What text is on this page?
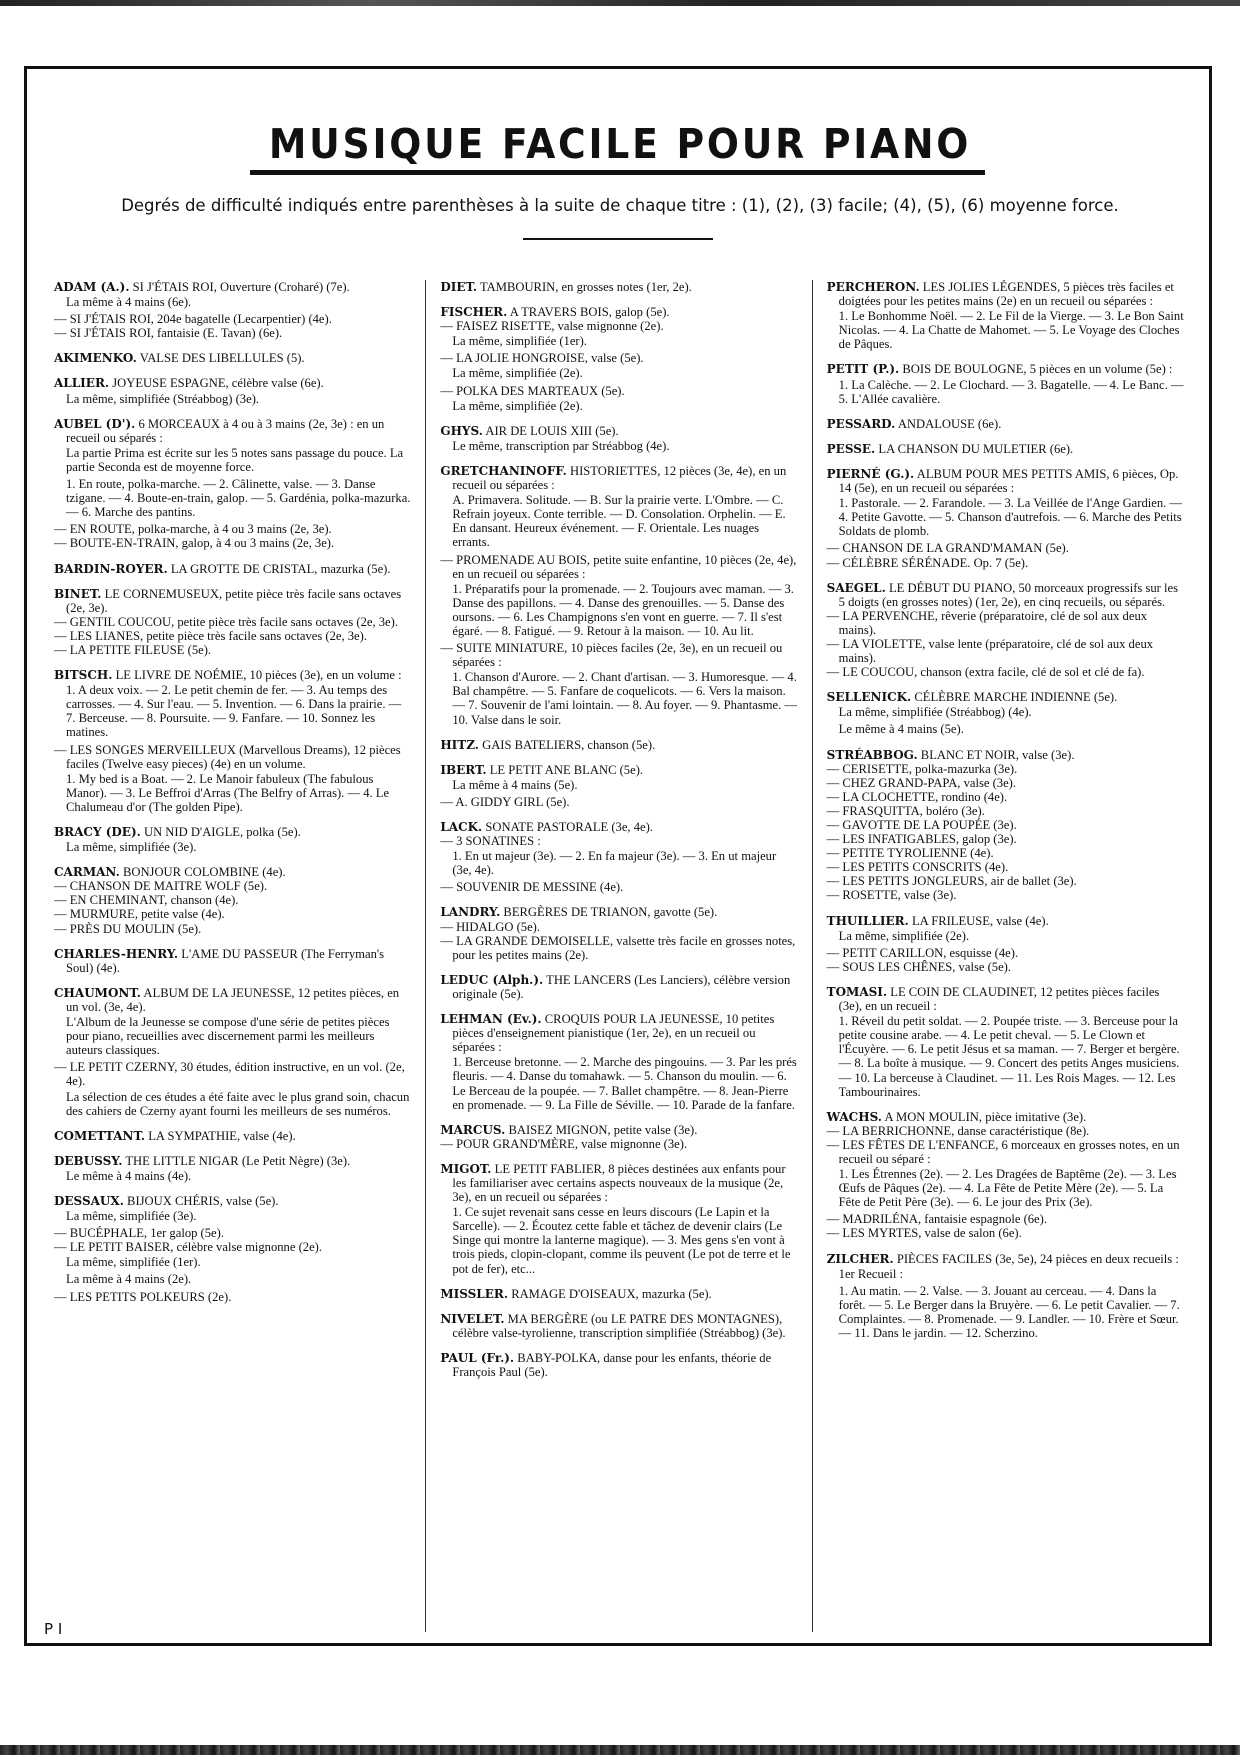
MUSIQUE FACILE POUR PIANO
Degrés de difficulté indiqués entre parenthèses à la suite de chaque titre : (1), (2), (3) facile; (4), (5), (6) moyenne force.
ADAM (A.). SI J'ÉTAIS ROI, Ouverture (Croharé) (7e).
La même à 4 mains (6e).
— SI J'ÉTAIS ROI, 204e bagatelle (Lecarpentier) (4e).
— SI J'ÉTAIS ROI, fantaisie (E. Tavan) (6e).
AKIMENKO. VALSE DES LIBELLULES (5).
ALLIER. JOYEUSE ESPAGNE, célèbre valse (6e).
La même, simplifiée (Stréabbog) (3e).
AUBEL (D'). 6 MORCEAUX à 4 ou à 3 mains (2e, 3e) : en un recueil ou séparés :
La partie Prima est écrite sur les 5 notes sans passage du pouce. La partie Seconda est de moyenne force.
1. En route, polka-marche. — 2. Câlinette, valse. — 3. Danse tzigane. — 4. Boute-en-train, galop. — 5. Gardénia, polka-mazurka. — 6. Marche des pantins.
— EN ROUTE, polka-marche, à 4 ou 3 mains (2e, 3e).
— BOUTE-EN-TRAIN, galop, à 4 ou 3 mains (2e, 3e).
BARDIN-ROYER. LA GROTTE DE CRISTAL, mazurka (5e).
BINET. LE CORNEMUSEUX, petite pièce très facile sans octaves (2e, 3e).
— GENTIL COUCOU, petite pièce très facile sans octaves (2e, 3e).
— LES LIANES, petite pièce très facile sans octaves (2e, 3e).
— LA PETITE FILEUSE (5e).
BITSCH. LE LIVRE DE NOÉMIE, 10 pièces (3e), en un volume :
1. A deux voix. — 2. Le petit chemin de fer. — 3. Au temps des carrosses. — 4. Sur l'eau. — 5. Invention. — 6. Dans la prairie. — 7. Berceuse. — 8. Poursuite. — 9. Fanfare. — 10. Sonnez les matines.
— LES SONGES MERVEILLEUX (Marvellous Dreams), 12 pièces faciles (Twelve easy pieces) (4e) en un volume.
1. My bed is a Boat. — 2. Le Manoir fabuleux (The fabulous Manor). — 3. Le Beffroi d'Arras (The Belfry of Arras). — 4. Le Chalumeau d'or (The golden Pipe).
BRACY (DE). UN NID D'AIGLE, polka (5e).
La même, simplifiée (3e).
CARMAN. BONJOUR COLOMBINE (4e).
— CHANSON DE MAITRE WOLF (5e).
— EN CHEMINANT, chanson (4e).
— MURMURE, petite valse (4e).
— PRÈS DU MOULIN (5e).
CHARLES-HENRY. L'AME DU PASSEUR (The Ferryman's Soul) (4e).
CHAUMONT. ALBUM DE LA JEUNESSE, 12 petites pièces, en un vol. (3e, 4e).
L'Album de la Jeunesse se compose d'une série de petites pièces pour piano, recueillies avec discernement parmi les meilleurs auteurs classiques.
— LE PETIT CZERNY, 30 études, édition instructive, en un vol. (2e, 4e).
La sélection de ces études a été faite avec le plus grand soin, chacun des cahiers de Czerny ayant fourni les meilleurs de ses numéros.
COMETTANT. LA SYMPATHIE, valse (4e).
DEBUSSY. THE LITTLE NIGAR (Le Petit Nègre) (3e).
Le même à 4 mains (4e).
DESSAUX. BIJOUX CHÉRIS, valse (5e).
La même, simplifiée (3e).
— BUCÉPHALE, 1er galop (5e).
— LE PETIT BAISER, célèbre valse mignonne (2e).
La même, simplifiée (1er).
La même à 4 mains (2e).
— LES PETITS POLKEURS (2e).
DIET. TAMBOURIN, en grosses notes (1er, 2e).
FISCHER. A TRAVERS BOIS, galop (5e).
— FAISEZ RISETTE, valse mignonne (2e).
La même, simplifiée (1er).
— LA JOLIE HONGROISE, valse (5e).
La même, simplifiée (2e).
— POLKA DES MARTEAUX (5e).
La même, simplifiée (2e).
GHYS. AIR DE LOUIS XIII (5e).
Le même, transcription par Stréabbog (4e).
GRETCHANINOFF. HISTORIETTES, 12 pièces (3e, 4e), en un recueil ou séparées :
A. Primavera. Solitude. — B. Sur la prairie verte. L'Ombre. — C. Refrain joyeux. Conte terrible. — D. Consolation. Orphelin. — E. En dansant. Heureux événement. — F. Orientale. Les nuages errants.
— PROMENADE AU BOIS, petite suite enfantine, 10 pièces (2e, 4e), en un recueil ou séparées :
1. Préparatifs pour la promenade. — 2. Toujours avec maman. — 3. Danse des papillons. — 4. Danse des grenouilles. — 5. Danse des oursons. — 6. Les Champignons s'en vont en guerre. — 7. Il s'est égaré. — 8. Fatigué. — 9. Retour à la maison. — 10. Au lit.
— SUITE MINIATURE, 10 pièces faciles (2e, 3e), en un recueil ou séparées :
1. Chanson d'Aurore. — 2. Chant d'artisan. — 3. Humoresque. — 4. Bal champêtre. — 5. Fanfare de coquelicots. — 6. Vers la maison. — 7. Souvenir de l'ami lointain. — 8. Au foyer. — 9. Phantasme. — 10. Valse dans le soir.
HITZ. GAIS BATELIERS, chanson (5e).
IBERT. LE PETIT ANE BLANC (5e).
La même à 4 mains (5e).
— A. GIDDY GIRL (5e).
LACK. SONATE PASTORALE (3e, 4e).
— 3 SONATINES :
1. En ut majeur (3e). — 2. En fa majeur (3e). — 3. En ut majeur (3e, 4e).
— SOUVENIR DE MESSINE (4e).
LANDRY. BERGÈRES DE TRIANON, gavotte (5e).
— HIDALGO (5e).
— LA GRANDE DEMOISELLE, valsette très facile en grosses notes, pour les petites mains (2e).
LEDUC (Alph.). THE LANCERS (Les Lanciers), célèbre version originale (5e).
LEHMAN (Ev.). CROQUIS POUR LA JEUNESSE, 10 petites pièces d'enseignement pianistique (1er, 2e), en un recueil ou séparées :
1. Berceuse bretonne. — 2. Marche des pingouins. — 3. Par les prés fleuris. — 4. Danse du tomahawk. — 5. Chanson du moulin. — 6. Le Berceau de la poupée. — 7. Ballet champêtre. — 8. Jean-Pierre en promenade. — 9. La Fille de Séville. — 10. Parade de la fanfare.
MARCUS. BAISEZ MIGNON, petite valse (3e).
— POUR GRAND'MÈRE, valse mignonne (3e).
MIGOT. LE PETIT FABLIER, 8 pièces destinées aux enfants pour les familiariser avec certains aspects nouveaux de la musique (2e, 3e), en un recueil ou séparées :
1. Ce sujet revenait sans cesse en leurs discours (Le Lapin et la Sarcelle). — 2. Écoutez cette fable et tâchez de devenir clairs (Le Singe qui montre la lanterne magique). — 3. Mes gens s'en vont à trois pieds, clopin-clopant, comme ils peuvent (Le pot de terre et le pot de fer), etc...
MISSLER. RAMAGE D'OISEAUX, mazurka (5e).
NIVELET. MA BERGÈRE (ou LE PATRE DES MONTAGNES), célèbre valse-tyrolienne, transcription simplifiée (Stréabbog) (3e).
PAUL (Fr.). BABY-POLKA, danse pour les enfants, théorie de François Paul (5e).
PERCHERON. LES JOLIES LÉGENDES, 5 pièces très faciles et doigtées pour les petites mains (2e) en un recueil ou séparées :
1. Le Bonhomme Noël. — 2. Le Fil de la Vierge. — 3. Le Bon Saint Nicolas. — 4. La Chatte de Mahomet. — 5. Le Voyage des Cloches de Pâques.
PETIT (P.). BOIS DE BOULOGNE, 5 pièces en un volume (5e) :
1. La Calèche. — 2. Le Clochard. — 3. Bagatelle. — 4. Le Banc. — 5. L'Allée cavalière.
PESSARD. ANDALOUSE (6e).
PESSE. LA CHANSON DU MULETIER (6e).
PIERNÉ (G.). ALBUM POUR MES PETITS AMIS, 6 pièces, Op. 14 (5e), en un recueil ou séparées :
1. Pastorale. — 2. Farandole. — 3. La Veillée de l'Ange Gardien. — 4. Petite Gavotte. — 5. Chanson d'autrefois. — 6. Marche des Petits Soldats de plomb.
— CHANSON DE LA GRAND'MAMAN (5e).
— CÉLÈBRE SÉRÉNADE. Op. 7 (5e).
SAEGEL. LE DÉBUT DU PIANO, 50 morceaux progressifs sur les 5 doigts (en grosses notes) (1er, 2e), en cinq recueils, ou séparés.
— LA PERVENCHE, rêverie (préparatoire, clé de sol aux deux mains).
— LA VIOLETTE, valse lente (préparatoire, clé de sol aux deux mains).
— LE COUCOU, chanson (extra facile, clé de sol et clé de fa).
SELLENICK. CÉLÈBRE MARCHE INDIENNE (5e).
La même, simplifiée (Stréabbog) (4e).
Le même à 4 mains (5e).
STRÉABBOG. BLANC ET NOIR, valse (3e).
— CERISETTE, polka-mazurka (3e).
— CHEZ GRAND-PAPA, valse (3e).
— LA CLOCHETTE, rondino (4e).
— FRASQUITTA, boléro (3e).
— GAVOTTE DE LA POUPÉE (3e).
— LES INFATIGABLES, galop (3e).
— PETITE TYROLIENNE (4e).
— LES PETITS CONSCRITS (4e).
— LES PETITS JONGLEURS, air de ballet (3e).
— ROSETTE, valse (3e).
THUILLIER. LA FRILEUSE, valse (4e).
La même, simplifiée (2e).
— PETIT CARILLON, esquisse (4e).
— SOUS LES CHÊNES, valse (5e).
TOMASI. LE COIN DE CLAUDINET, 12 petites pièces faciles (3e), en un recueil :
1. Réveil du petit soldat. — 2. Poupée triste. — 3. Berceuse pour la petite cousine arabe. — 4. Le petit cheval. — 5. Le Clown et l'Écuyère. — 6. Le petit Jésus et sa maman. — 7. Berger et bergère. — 8. La boîte à musique. — 9. Concert des petits Anges musiciens. — 10. La berceuse à Claudinet. — 11. Les Rois Mages. — 12. Les Tambourinaires.
WACHS. A MON MOULIN, pièce imitative (3e).
— LA BERRICHONNE, danse caractéristique (8e).
— LES FÊTES DE L'ENFANCE, 6 morceaux en grosses notes, en un recueil ou séparé :
1. Les Étrennes (2e). — 2. Les Dragées de Baptême (2e). — 3. Les Œufs de Pâques (2e). — 4. La Fête de Petite Mère (2e). — 5. La Fête de Petit Père (3e). — 6. Le jour des Prix (3e).
— MADRILÉNA, fantaisie espagnole (6e).
— LES MYRTES, valse de salon (6e).
ZILCHER. PIÈCES FACILES (3e, 5e), 24 pièces en deux recueils :
1er Recueil :
1. Au matin. — 2. Valse. — 3. Jouant au cerceau. — 4. Dans la forêt. — 5. Le Berger dans la Bruyère. — 6. Le petit Cavalier. — 7. Complaintes. — 8. Promenade. — 9. Landler. — 10. Frère et Sœur. — 11. Dans le jardin. — 12. Scherzino.
P I
